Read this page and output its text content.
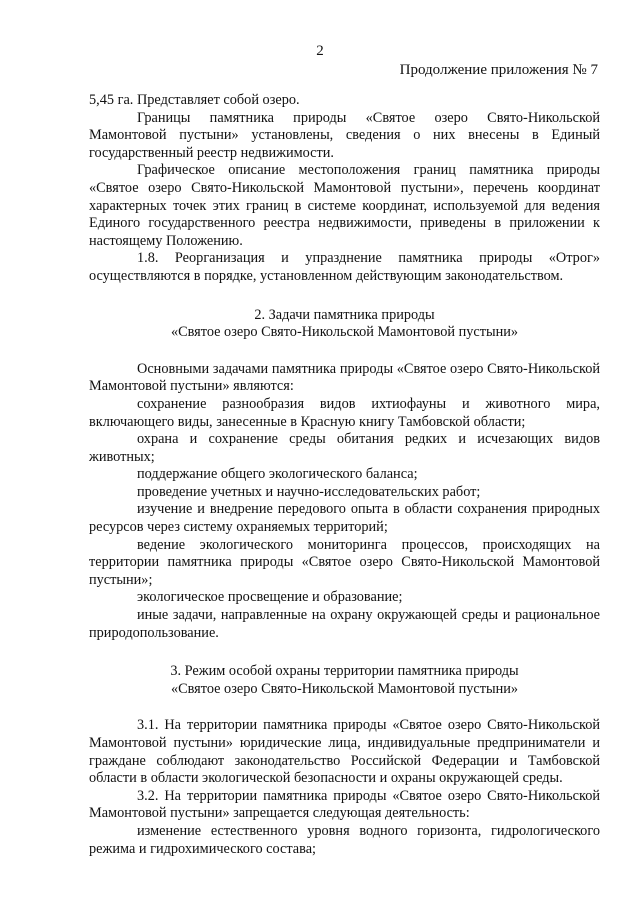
2
Продолжение приложения № 7

5,45 га. Представляет собой озеро.

Границы памятника природы «Святое озеро Свято-Никольской Мамонтовой пустыни» установлены, сведения о них внесены в Единый государственный реестр недвижимости.

Графическое описание местоположения границ памятника природы «Святое озеро Свято-Никольской Мамонтовой пустыни», перечень координат характерных точек этих границ в системе координат, используемой для ведения Единого государственного реестра недвижимости, приведены в приложении к настоящему Положению.

1.8. Реорганизация и упразднение памятника природы «Отрог» осуществляются в порядке, установленном действующим законодательством.

2. Задачи памятника природы
«Святое озеро Свято-Никольской Мамонтовой пустыни»

Основными задачами памятника природы «Святое озеро Свято-Никольской Мамонтовой пустыни» являются:

сохранение разнообразия видов ихтиофауны и животного мира, включающего виды, занесенные в Красную книгу Тамбовской области;

охрана и сохранение среды обитания редких и исчезающих видов животных;

поддержание общего экологического баланса;

проведение учетных и научно-исследовательских работ;

изучение и внедрение передового опыта в области сохранения природных ресурсов через систему охраняемых территорий;

ведение экологического мониторинга процессов, происходящих на территории памятника природы «Святое озеро Свято-Никольской Мамонтовой пустыни»;

экологическое просвещение и образование;

иные задачи, направленные на охрану окружающей среды и рациональное природопользование.

3. Режим особой охраны территории памятника природы
«Святое озеро Свято-Никольской Мамонтовой пустыни»

3.1. На территории памятника природы «Святое озеро Свято-Никольской Мамонтовой пустыни» юридические лица, индивидуальные предприниматели и граждане соблюдают законодательство Российской Федерации и Тамбовской области в области экологической безопасности и охраны окружающей среды.

3.2. На территории памятника природы «Святое озеро Свято-Никольской Мамонтовой пустыни» запрещается следующая деятельность:

изменение естественного уровня водного горизонта, гидрологического режима и гидрохимического состава;
